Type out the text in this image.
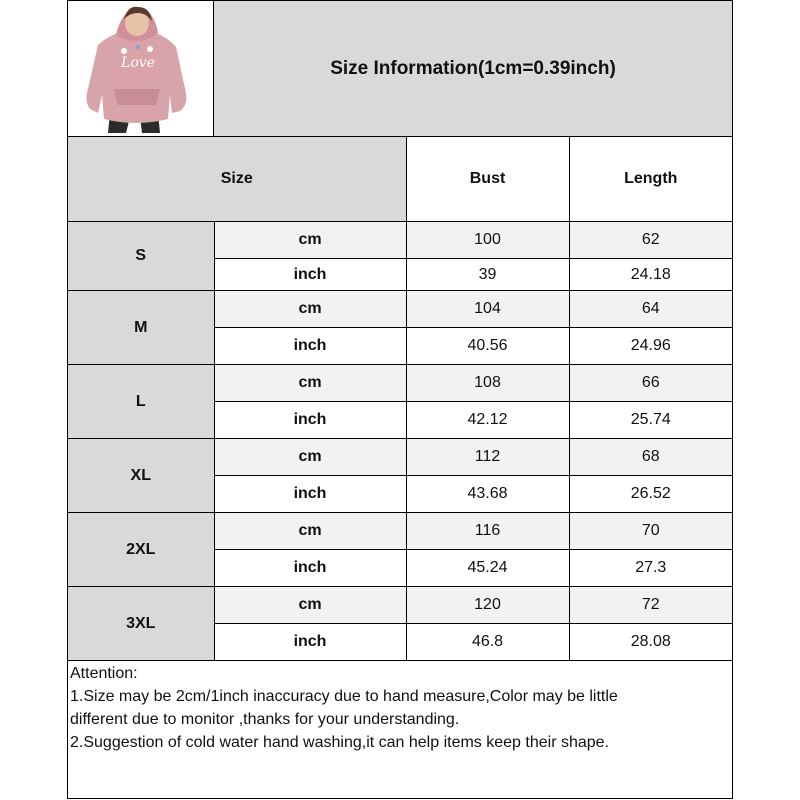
Love	Size Information(1cm=0.39inch)
Size		Bust	Length
S	cm	100	62
	inch	39	24.18
M	cm	104	64
	inch	40.56	24.96
L	cm	108	66
	inch	42.12	25.74
XL	cm	112	68
	inch	43.68	26.52
2XL	cm	116	70
	inch	45.24	27.3
3XL	cm	120	72
	inch	46.8	28.08
Attention:
1.Size may be 2cm/1inch inaccuracy due to hand measure,Color may be little
different due to monitor ,thanks for your understanding.
2.Suggestion of cold water hand washing,it can help items keep their shape.
